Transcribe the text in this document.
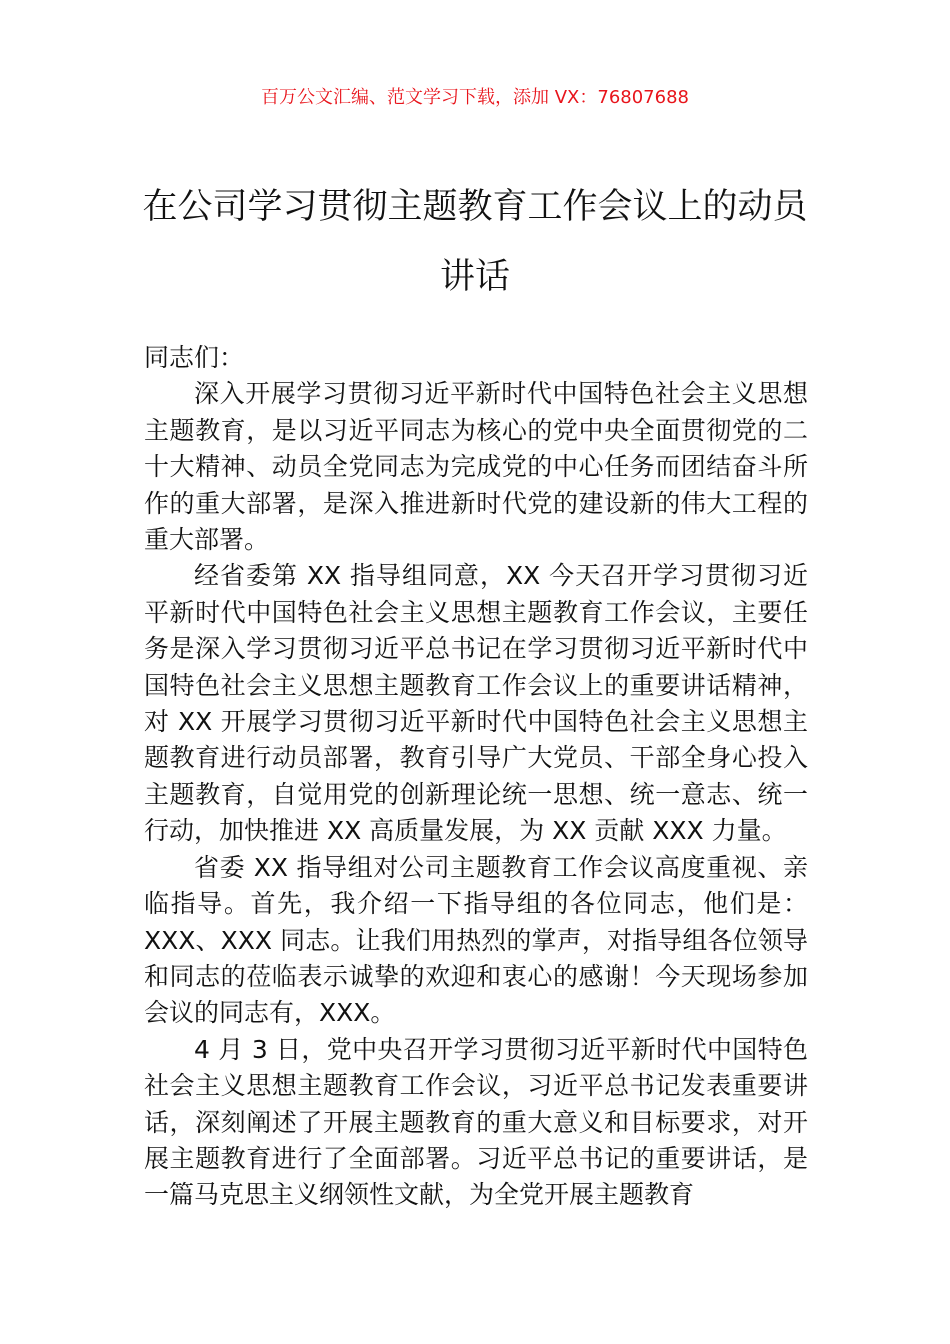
百万公文汇编、范文学习下载，添加 VX：76807688
在公司学习贯彻主题教育工作会议上的动员讲话

同志们：

深入开展学习贯彻习近平新时代中国特色社会主义思想主题教育，是以习近平同志为核心的党中央全面贯彻党的二十大精神、动员全党同志为完成党的中心任务而团结奋斗所作的重大部署，是深入推进新时代党的建设新的伟大工程的重大部署。

经省委第 XX 指导组同意，XX 今天召开学习贯彻习近平新时代中国特色社会主义思想主题教育工作会议，主要任务是深入学习贯彻习近平总书记在学习贯彻习近平新时代中国特色社会主义思想主题教育工作会议上的重要讲话精神，对 XX 开展学习贯彻习近平新时代中国特色社会主义思想主题教育进行动员部署，教育引导广大党员、干部全身心投入主题教育，自觉用党的创新理论统一思想、统一意志、统一行动，加快推进 XX 高质量发展，为 XX 贡献 XXX 力量。

省委 XX 指导组对公司主题教育工作会议高度重视、亲临指导。首先，我介绍一下指导组的各位同志，他们是：XXX、XXX 同志。让我们用热烈的掌声，对指导组各位领导和同志的莅临表示诚挚的欢迎和衷心的感谢！今天现场参加会议的同志有，XXX。

4 月 3 日，党中央召开学习贯彻习近平新时代中国特色社会主义思想主题教育工作会议，习近平总书记发表重要讲话，深刻阐述了开展主题教育的重大意义和目标要求，对开展主题教育进行了全面部署。习近平总书记的重要讲话，是一篇马克思主义纲领性文献，为全党开展主题教育
